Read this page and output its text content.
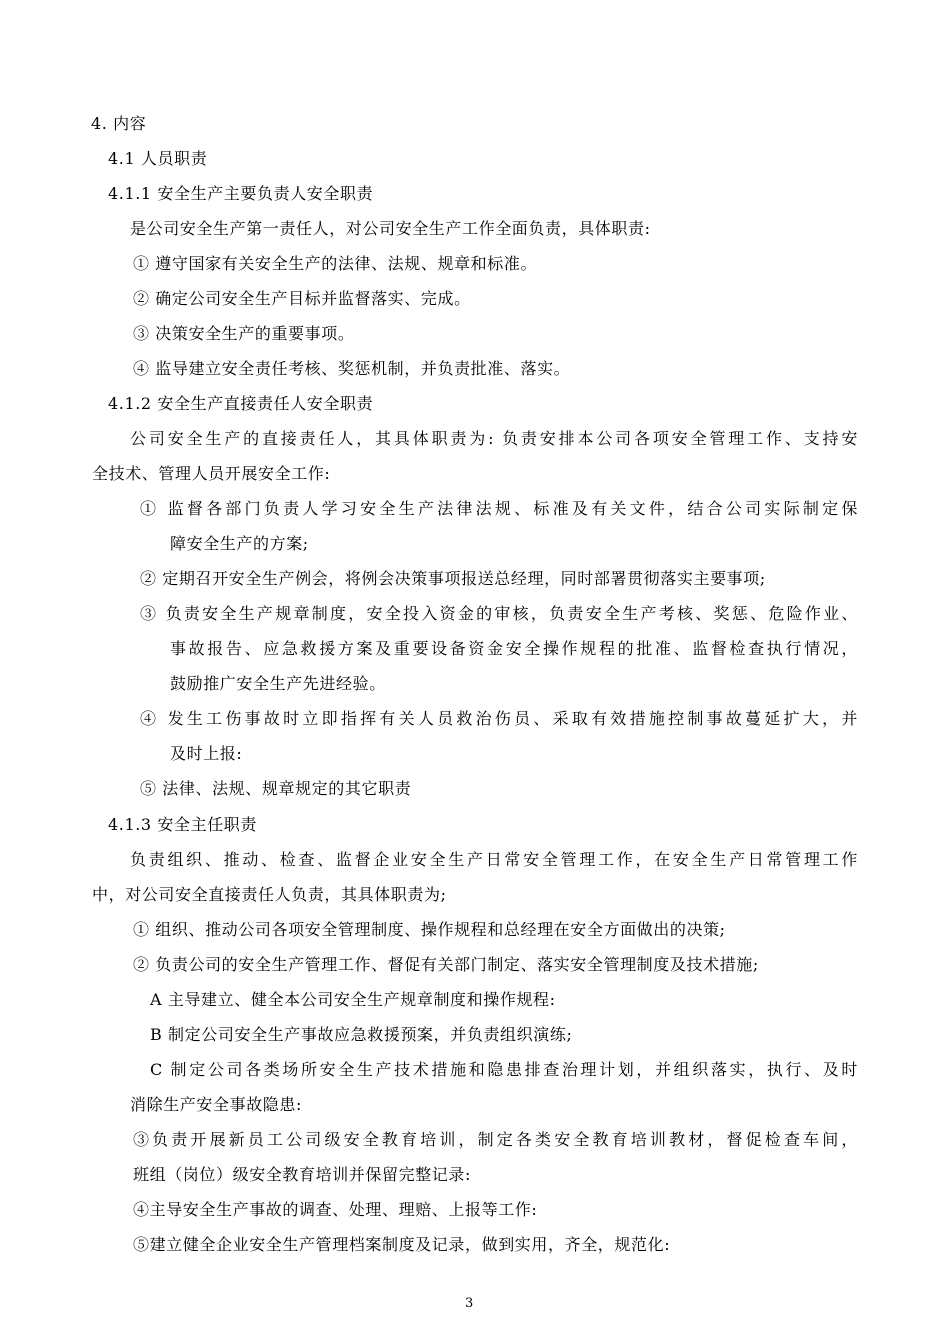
4. 内容
4.1 人员职责
4.1.1 安全生产主要负责人安全职责
是公司安全生产第一责任人，对公司安全生产工作全面负责，具体职责:
① 遵守国家有关安全生产的法律、法规、规章和标准。
② 确定公司安全生产目标并监督落实、完成。
③ 决策安全生产的重要事项。
④ 监导建立安全责任考核、奖惩机制，并负责批准、落实。
4.1.2 安全生产直接责任人安全职责
公司安全生产的直接责任人，其具体职责为: 负责安排本公司各项安全管理工作、支持安
全技术、管理人员开展安全工作:
① 监督各部门负责人学习安全生产法律法规、标准及有关文件，结合公司实际制定保
障安全生产的方案;
② 定期召开安全生产例会，将例会决策事项报送总经理，同时部署贯彻落实主要事项;
③ 负责安全生产规章制度，安全投入资金的审核，负责安全生产考核、奖惩、危险作业、
事故报告、应急救援方案及重要设备资金安全操作规程的批准、监督检查执行情况，
鼓励推广安全生产先进经验。
④ 发生工伤事故时立即指挥有关人员救治伤员、采取有效措施控制事故蔓延扩大，并
及时上报:
⑤ 法律、法规、规章规定的其它职责
4.1.3 安全主任职责
负责组织、推动、检查、监督企业安全生产日常安全管理工作，在安全生产日常管理工作
中，对公司安全直接责任人负责，其具体职责为;
① 组织、推动公司各项安全管理制度、操作规程和总经理在安全方面做出的决策;
② 负责公司的安全生产管理工作、督促有关部门制定、落实安全管理制度及技术措施;
A 主导建立、健全本公司安全生产规章制度和操作规程:
B 制定公司安全生产事故应急救援预案，并负责组织演练;
C 制定公司各类场所安全生产技术措施和隐患排查治理计划，并组织落实，执行、及时
消除生产安全事故隐患:
③负责开展新员工公司级安全教育培训，制定各类安全教育培训教材，督促检查车间，
班组（岗位）级安全教育培训并保留完整记录:
④主导安全生产事故的调查、处理、理赔、上报等工作:
⑤建立健全企业安全生产管理档案制度及记录，做到实用，齐全，规范化:
3
